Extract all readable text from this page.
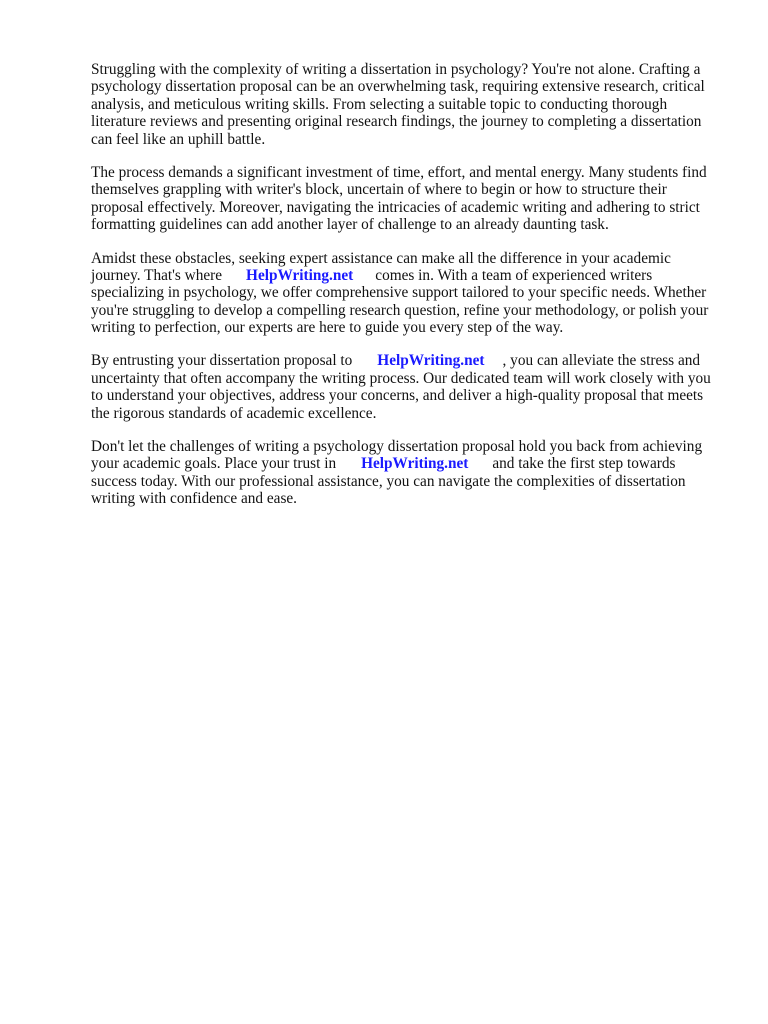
Struggling with the complexity of writing a dissertation in psychology? You're not alone. Crafting a
psychology dissertation proposal can be an overwhelming task, requiring extensive research, critical
analysis, and meticulous writing skills. From selecting a suitable topic to conducting thorough
literature reviews and presenting original research findings, the journey to completing a dissertation
can feel like an uphill battle.

The process demands a significant investment of time, effort, and mental energy. Many students find
themselves grappling with writer's block, uncertain of where to begin or how to structure their
proposal effectively. Moreover, navigating the intricacies of academic writing and adhering to strict
formatting guidelines can add another layer of challenge to an already daunting task.

Amidst these obstacles, seeking expert assistance can make all the difference in your academic
journey. That's where HelpWriting.net comes in. With a team of experienced writers
specializing in psychology, we offer comprehensive support tailored to your specific needs. Whether
you're struggling to develop a compelling research question, refine your methodology, or polish your
writing to perfection, our experts are here to guide you every step of the way.

By entrusting your dissertation proposal to HelpWriting.net , you can alleviate the stress and
uncertainty that often accompany the writing process. Our dedicated team will work closely with you
to understand your objectives, address your concerns, and deliver a high-quality proposal that meets
the rigorous standards of academic excellence.

Don't let the challenges of writing a psychology dissertation proposal hold you back from achieving
your academic goals. Place your trust in HelpWriting.net and take the first step towards
success today. With our professional assistance, you can navigate the complexities of dissertation
writing with confidence and ease.
